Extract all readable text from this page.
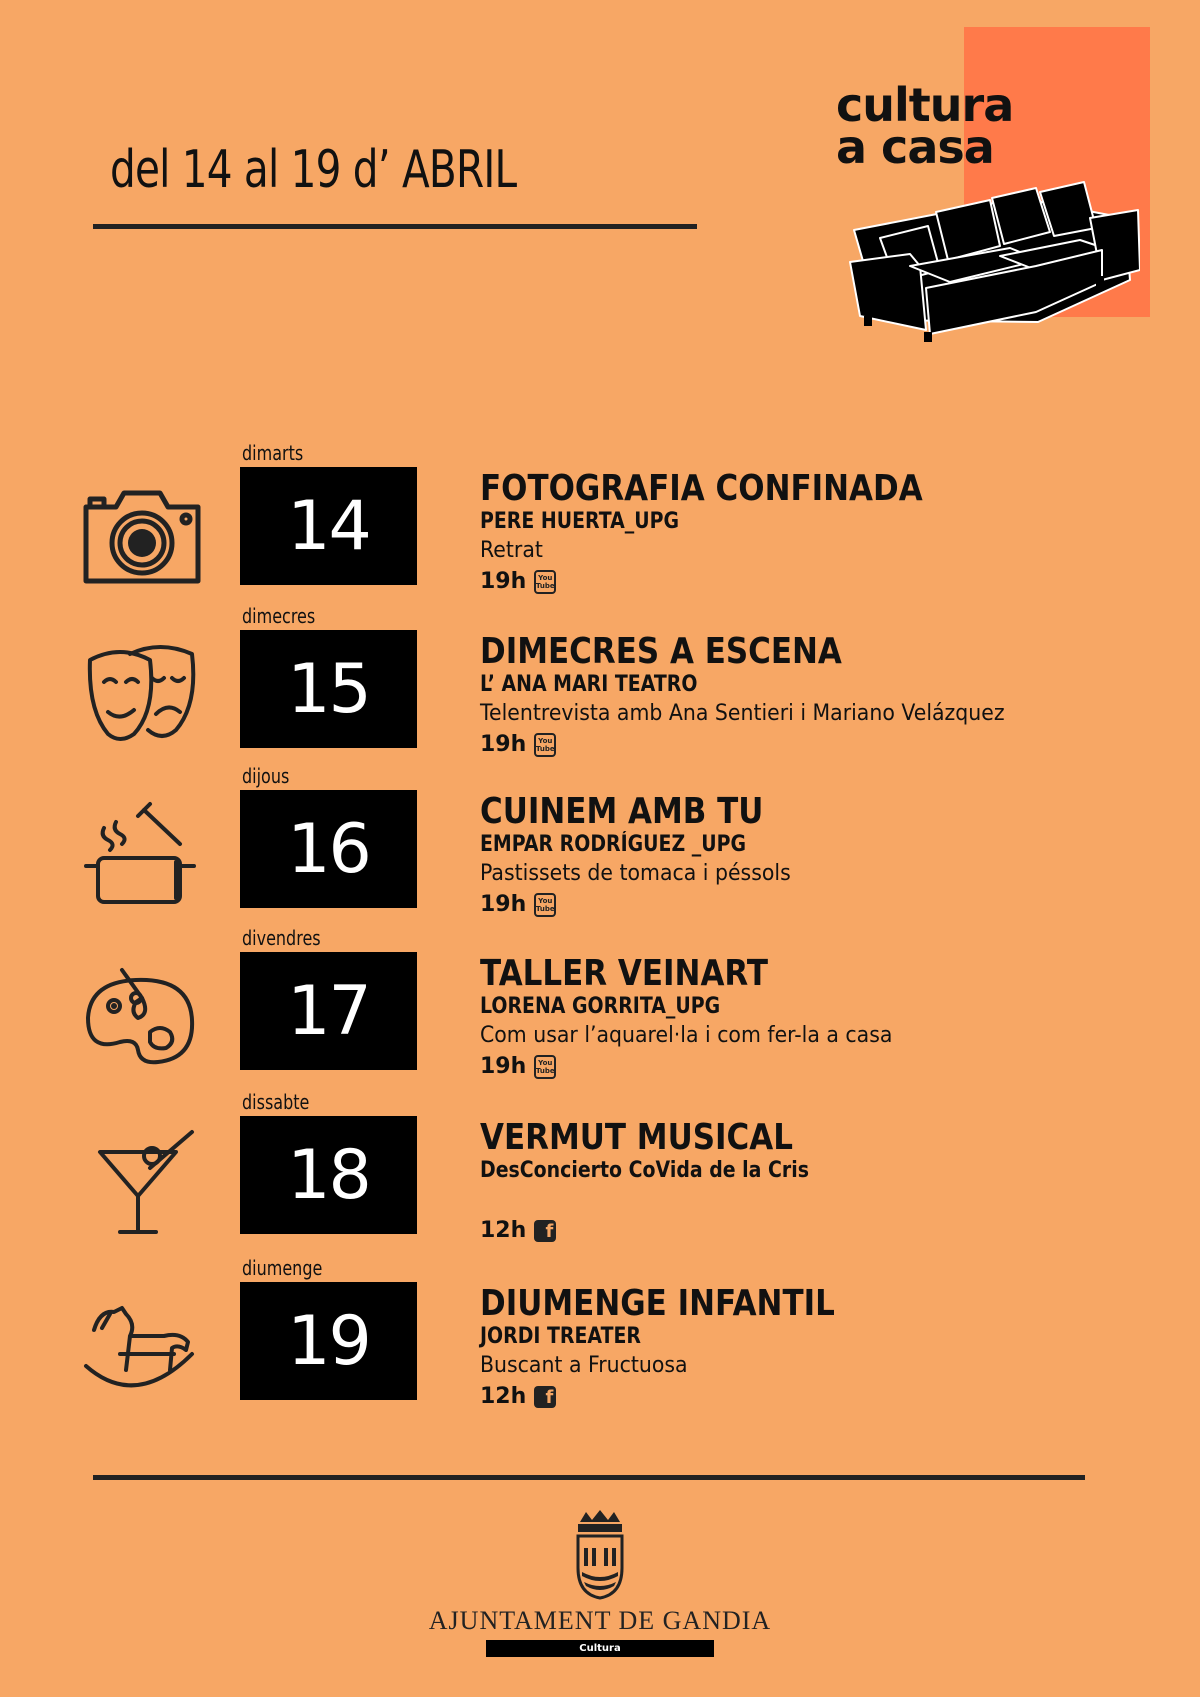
del 14 al 19 d’ ABRIL
cultura
a casa
dimarts
14	FOTOGRAFIA CONFINADA
PERE HUERTA_UPG
Retrat
19h You
Tube
dimecres
15	DIMECRES A ESCENA
L’ ANA MARI TEATRO
Telentrevista amb Ana Sentieri i Mariano Velázquez
19h You
Tube
dijous
16	CUINEM AMB TU
EMPAR RODRÍGUEZ _UPG
Pastissets de tomaca i péssols
19h You
Tube
divendres
17	TALLER VEINART
LORENA GORRITA_UPG
Com usar l’aquarel·la i com fer-la a casa
19h You
Tube
dissabte
18	VERMUT MUSICAL
DesConcierto CoVida de la Cris
12h	f
diumenge
19	DIUMENGE INFANTIL
JORDI TREATER
Buscant a Fructuosa
12h	f
AJUNTAMENT DE GANDIA
Cultura
